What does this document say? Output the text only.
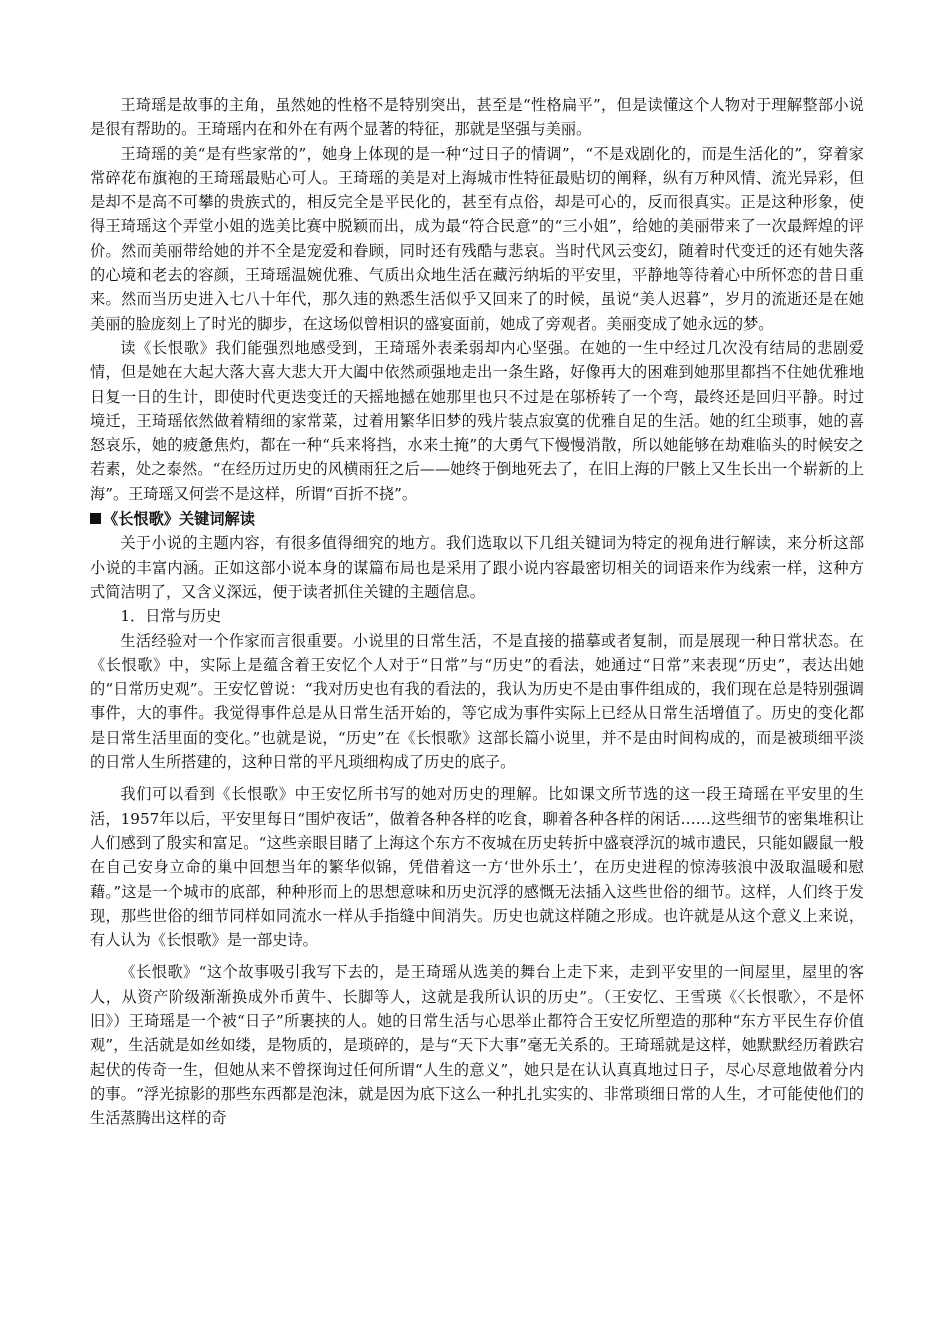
王琦瑶是故事的主角，虽然她的性格不是特别突出，甚至是“性格扁平”，但是读懂这个人物对于理解整部小说是很有帮助的。王琦瑶内在和外在有两个显著的特征，那就是坚强与美丽。

王琦瑶的美“是有些家常的”，她身上体现的是一种“过日子的情调”，“不是戏剧化的，而是生活化的”，穿着家常碎花布旗袍的王琦瑶最贴心可人。王琦瑶的美是对上海城市性特征最贴切的阐释，纵有万种风情、流光异彩，但是却不是高不可攀的贵族式的，相反完全是平民化的，甚至有点俗，却是可心的，反而很真实。正是这种形象，使得王琦瑶这个弄堂小姐的选美比赛中脱颖而出，成为最“符合民意”的“三小姐”，给她的美丽带来了一次最辉煌的评价。然而美丽带给她的并不全是宠爱和眷顾，同时还有残酷与悲哀。当时代风云变幻，随着时代变迁的还有她失落的心境和老去的容颜，王琦瑶温婉优雅、气质出众地生活在藏污纳垢的平安里，平静地等待着心中所怀恋的昔日重来。然而当历史进入七八十年代，那久违的熟悉生活似乎又回来了的时候，虽说“美人迟暮”，岁月的流逝还是在她美丽的脸庞刻上了时光的脚步，在这场似曾相识的盛宴面前，她成了旁观者。美丽变成了她永远的梦。

读《长恨歌》我们能强烈地感受到，王琦瑶外表柔弱却内心坚强。在她的一生中经过几次没有结局的悲剧爱情，但是她在大起大落大喜大悲大开大阖中依然顽强地走出一条生路，好像再大的困难到她那里都挡不住她优雅地日复一日的生计，即使时代更迭变迁的天摇地撼在她那里也只不过是在邬桥转了一个弯，最终还是回归平静。时过境迁，王琦瑶依然做着精细的家常菜，过着用繁华旧梦的残片装点寂寞的优雅自足的生活。她的红尘琐事，她的喜怒哀乐，她的疲惫焦灼，都在一种“兵来将挡，水来土掩”的大勇气下慢慢消散，所以她能够在劫难临头的时候安之若素，处之泰然。“在经历过历史的风横雨狂之后——她终于倒地死去了，在旧上海的尸骸上又生长出一个崭新的上海”。王琦瑶又何尝不是这样，所谓“百折不挠”。

《长恨歌》关键词解读

关于小说的主题内容，有很多值得细究的地方。我们选取以下几组关键词为特定的视角进行解读，来分析这部小说的丰富内涵。正如这部小说本身的谋篇布局也是采用了跟小说内容最密切相关的词语来作为线索一样，这种方式简洁明了，又含义深远，便于读者抓住关键的主题信息。

1．日常与历史

生活经验对一个作家而言很重要。小说里的日常生活，不是直接的描摹或者复制，而是展现一种日常状态。在《长恨歌》中，实际上是蕴含着王安忆个人对于“日常”与“历史”的看法，她通过“日常”来表现“历史”，表达出她的“日常历史观”。王安忆曾说：“我对历史也有我的看法的，我认为历史不是由事件组成的，我们现在总是特别强调事件，大的事件。我觉得事件总是从日常生活开始的，等它成为事件实际上已经从日常生活增值了。历史的变化都是日常生活里面的变化。”也就是说，“历史”在《长恨歌》这部长篇小说里，并不是由时间构成的，而是被琐细平淡的日常人生所搭建的，这种日常的平凡琐细构成了历史的底子。

我们可以看到《长恨歌》中王安忆所书写的她对历史的理解。比如课文所节选的这一段王琦瑶在平安里的生活，1957年以后，平安里每日“围炉夜话”，做着各种各样的吃食，聊着各种各样的闲话……这些细节的密集堆积让人们感到了殷实和富足。“这些亲眼目睹了上海这个东方不夜城在历史转折中盛衰浮沉的城市遗民，只能如鼹鼠一般在自己安身立命的巢中回想当年的繁华似锦，凭借着这一方‘世外乐土’，在历史进程的惊涛骇浪中汲取温暖和慰藉。”这是一个城市的底部，种种形而上的思想意味和历史沉浮的感慨无法插入这些世俗的细节。这样，人们终于发现，那些世俗的细节同样如同流水一样从手指缝中间消失。历史也就这样随之形成。也许就是从这个意义上来说，有人认为《长恨歌》是一部史诗。

《长恨歌》“这个故事吸引我写下去的，是王琦瑶从选美的舞台上走下来，走到平安里的一间屋里，屋里的客人，从资产阶级渐渐换成外币黄牛、长脚等人，这就是我所认识的历史”。（王安忆、王雪瑛《〈长恨歌〉，不是怀旧》）王琦瑶是一个被“日子”所裹挟的人。她的日常生活与心思举止都符合王安忆所塑造的那种“东方平民生存价值观”，生活就是如丝如缕，是物质的，是琐碎的，是与“天下大事”毫无关系的。王琦瑶就是这样，她默默经历着跌宕起伏的传奇一生，但她从来不曾探询过任何所谓“人生的意义”，她只是在认认真真地过日子，尽心尽意地做着分内的事。“浮光掠影的那些东西都是泡沫，就是因为底下这么一种扎扎实实的、非常琐细日常的人生，才可能使他们的生活蒸腾出这样的奇
